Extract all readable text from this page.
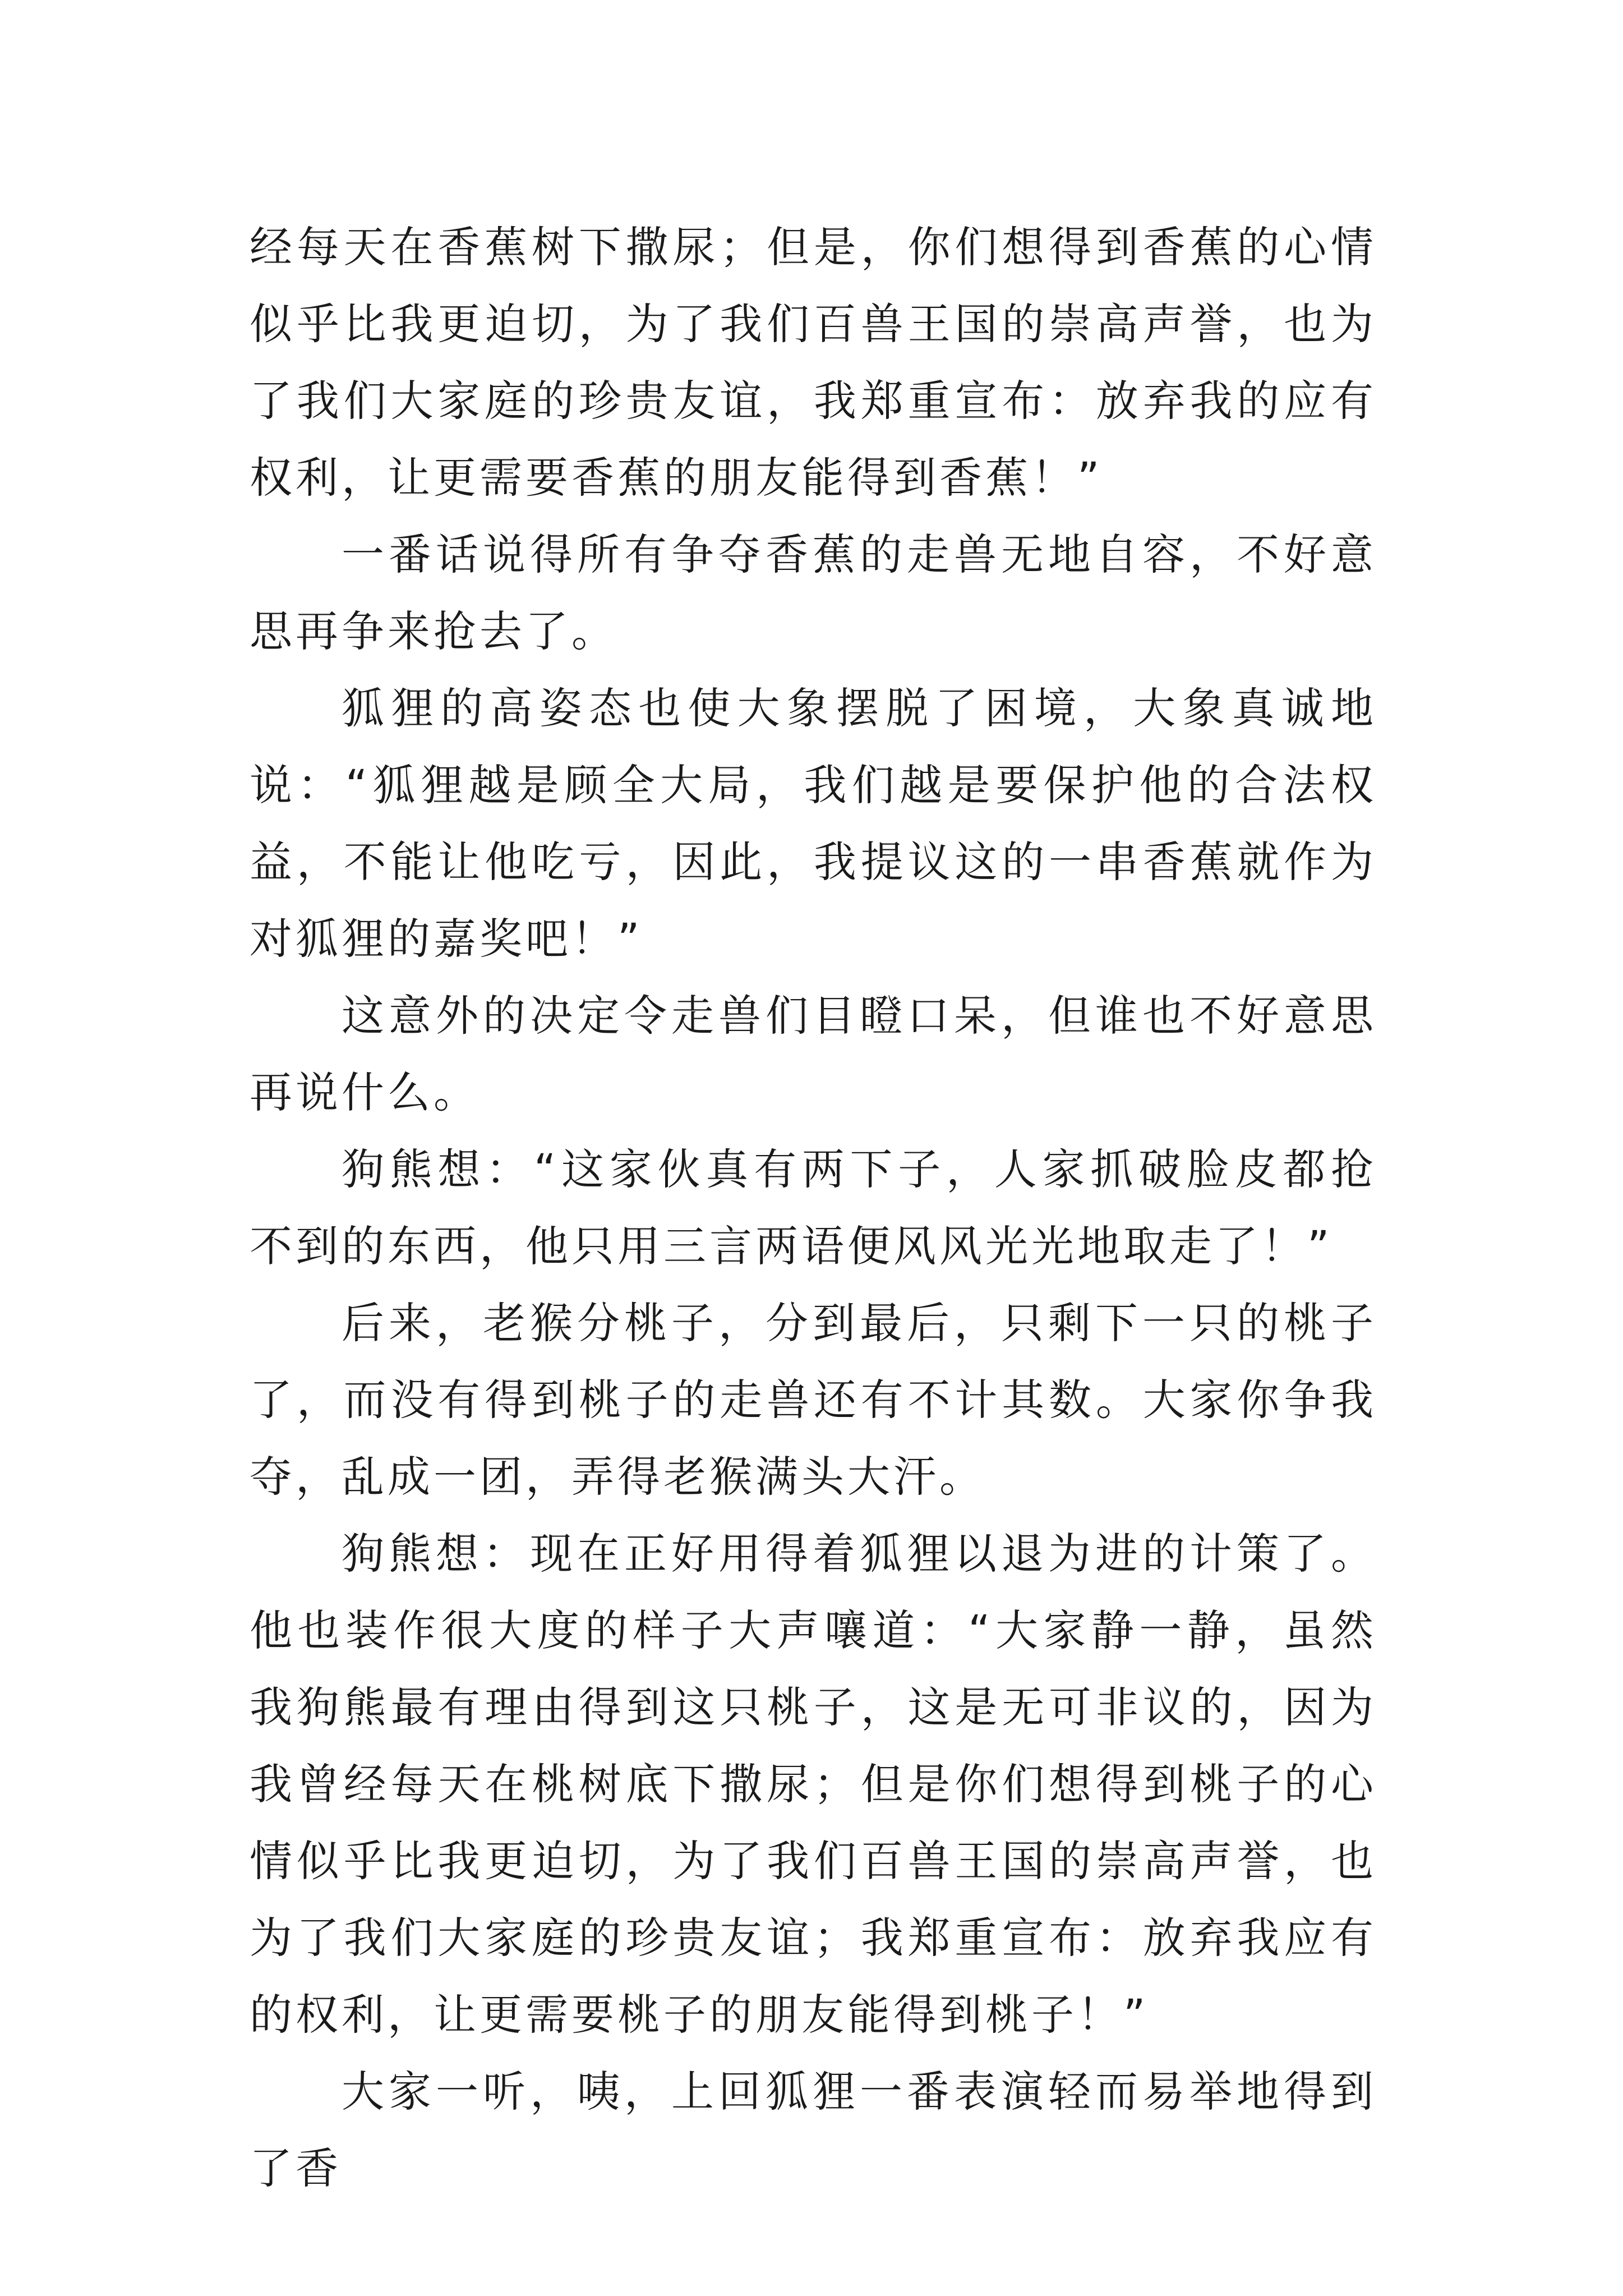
经每天在香蕉树下撒尿；但是，你们想得到香蕉的心情似乎比我更迫切，为了我们百兽王国的崇高声誉，也为了我们大家庭的珍贵友谊，我郑重宣布：放弃我的应有权利，让更需要香蕉的朋友能得到香蕉！”

一番话说得所有争夺香蕉的走兽无地自容，不好意思再争来抢去了。

狐狸的高姿态也使大象摆脱了困境，大象真诚地说：“狐狸越是顾全大局，我们越是要保护他的合法权益，不能让他吃亏，因此，我提议这的一串香蕉就作为对狐狸的嘉奖吧！”

这意外的决定令走兽们目瞪口呆，但谁也不好意思再说什么。

狗熊想：“这家伙真有两下子，人家抓破脸皮都抢不到的东西，他只用三言两语便风风光光地取走了！”

后来，老猴分桃子，分到最后，只剩下一只的桃子了，而没有得到桃子的走兽还有不计其数。大家你争我夺，乱成一团，弄得老猴满头大汗。

狗熊想：现在正好用得着狐狸以退为进的计策了。他也装作很大度的样子大声嚷道：“大家静一静，虽然我狗熊最有理由得到这只桃子，这是无可非议的，因为我曾经每天在桃树底下撒尿；但是你们想得到桃子的心情似乎比我更迫切，为了我们百兽王国的崇高声誉，也为了我们大家庭的珍贵友谊；我郑重宣布：放弃我应有的权利，让更需要桃子的朋友能得到桃子！”

大家一听，咦，上回狐狸一番表演轻而易举地得到了香
